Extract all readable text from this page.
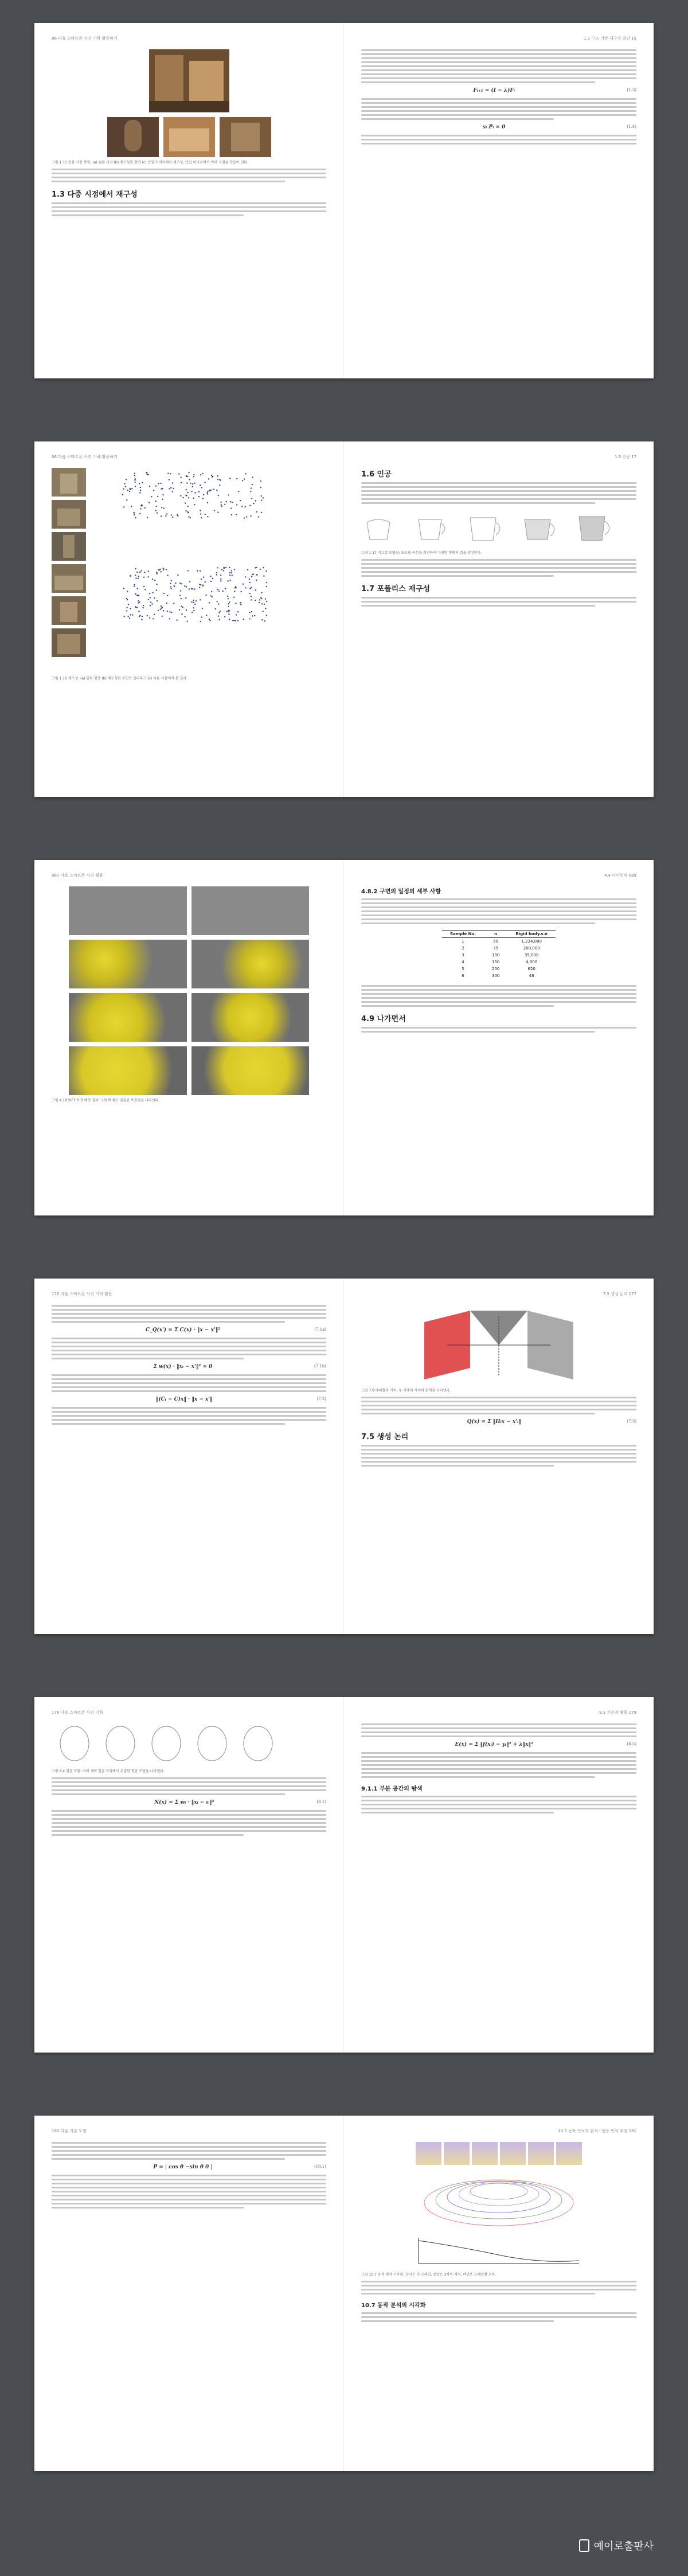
86 다음 스마트폰 사진 기하 활용하기
그림 1.15 인물 사진 복원: (a) 원본 사진 (b) 재구성된 장면 (c) 단일 이미지에서 재구성. 단일 이미지에서 여러 시점을 만들어 낸다.
1.3 다중 시점에서 재구성
1.2 구조 기반 재구성 장면 15
(1.3)
Fᵢ₊₁ = (I − λ)Fᵢ
(1.4)
sᵢ Pᵢ = 0
06 다음 스마트폰 사진 기하 활용하기

그림 1.16 재구성: (a) 입력 영상 (b) 재구성된 포인트 클라우드 (c) 다른 시점에서 본 결과.
1.6 인공 17
1.6 인공
그림 1.17 머그컵 모델링: 프로필 곡선을 회전하여 다양한 형태의 컵을 생성한다.
1.7 포플리스 재구성
087 다음 스마트폰 사진 활용
그림 4.18 SIFT 특징 매칭 결과: 노란색 점은 검출된 특징점을 나타낸다.
4.4 나이헌세 089
4.8.2 구면의 일정의 세부 사항
Sample No.	n	Rigid body.s.e
1	50	1,234,000
2	75	200,000
3	100	35,000
4	150	4,000
5	200	620
6	300	48
4.9 나가면서
176 다음 스마트폰 사진 기하 활용
(7.1a)
C_Q(x') = Σ C(x) · ‖x − x'‖²
(7.1b)
Σ w(x) · ‖xᵢ − x'‖² = 0
(7.2)
‖(Cᵢ − C)x‖ · ‖x − x'‖
7.5 생성 논리 177
그림 7.8 에피폴라 기하: 두 카메라 사이의 관계를 나타낸다.
(7.3)
Q(x) = Σ ‖Hᵢx − x'ᵢ‖
7.5 생성 논리
178 다음 스마트폰 사진 기하
그림 8.4 얼굴 모델: 여러 개의 얼굴 표정에서 추출한 평균 모델을 나타낸다.
(8.1)
N(x) = Σ wᵢ · ‖xᵢ − c‖²
9.1 기본적 활용 179
(8.5)
E(x) = Σ ‖f(xᵢ) − yᵢ‖² + λ‖x‖²
9.1.1 부분 공간의 탐색
180 다음 기본 도형
(10.1)
P = | cos θ −sin θ 0 |
10.5 동작 인식과 분석 · 행동 인식 추정 181
그림 10.7 동작 궤적 시각화: 상단은 키 프레임, 중앙은 3차원 궤적, 하단은 프레임별 오차.
10.7 동작 분석의 시각화
예이로출판사
